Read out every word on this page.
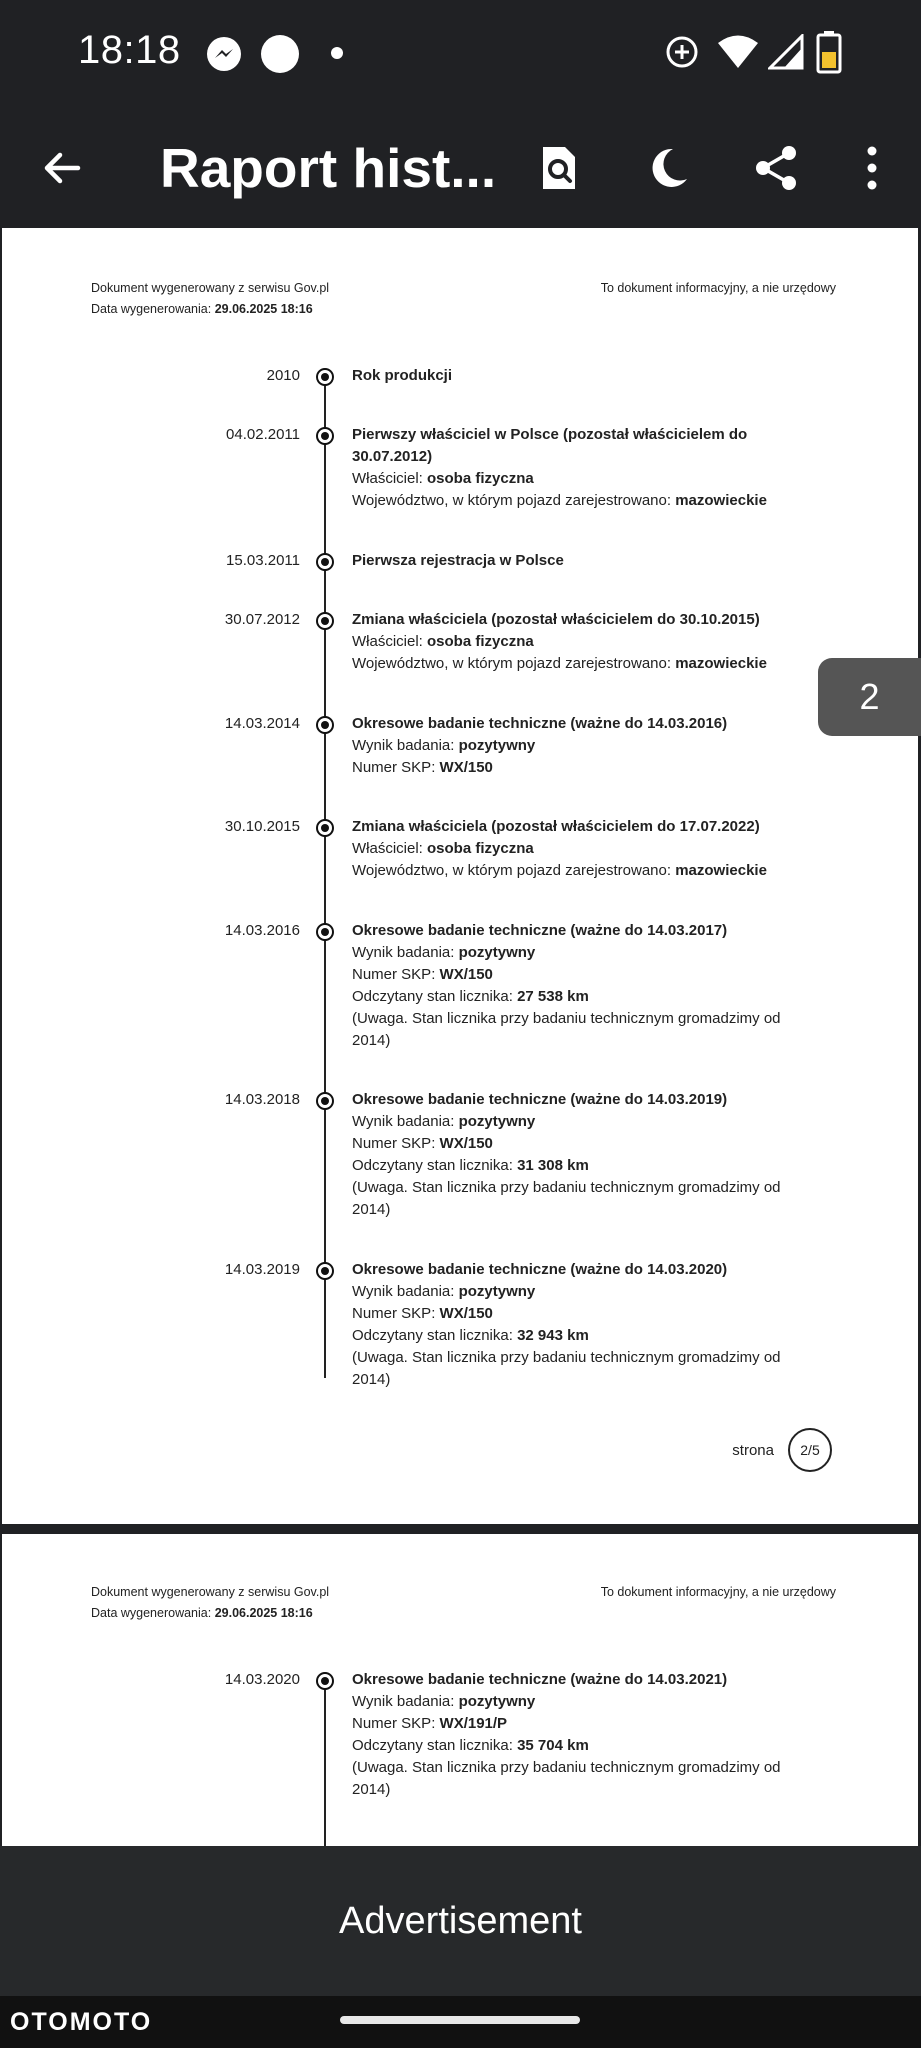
18:18
Raport hist...
Dokument wygenerowany z serwisu Gov.pl
Data wygenerowania: 29.06.2025 18:16
To dokument informacyjny, a nie urzędowy
2010	Rok produkcji
04.02.2011	Pierwszy właściciel w Polsce (pozostał właścicielem do 30.07.2012)
Właściciel: osoba fizyczna
Województwo, w którym pojazd zarejestrowano: mazowieckie
15.03.2011	Pierwsza rejestracja w Polsce
30.07.2012	Zmiana właściciela (pozostał właścicielem do 30.10.2015)
Właściciel: osoba fizyczna
Województwo, w którym pojazd zarejestrowano: mazowieckie
14.03.2014	Okresowe badanie techniczne (ważne do 14.03.2016)
Wynik badania: pozytywny
Numer SKP: WX/150
30.10.2015	Zmiana właściciela (pozostał właścicielem do 17.07.2022)
Właściciel: osoba fizyczna
Województwo, w którym pojazd zarejestrowano: mazowieckie
14.03.2016	Okresowe badanie techniczne (ważne do 14.03.2017)
Wynik badania: pozytywny
Numer SKP: WX/150
Odczytany stan licznika: 27 538 km
(Uwaga. Stan licznika przy badaniu technicznym gromadzimy od 2014)
14.03.2018	Okresowe badanie techniczne (ważne do 14.03.2019)
Wynik badania: pozytywny
Numer SKP: WX/150
Odczytany stan licznika: 31 308 km
(Uwaga. Stan licznika przy badaniu technicznym gromadzimy od 2014)
14.03.2019	Okresowe badanie techniczne (ważne do 14.03.2020)
Wynik badania: pozytywny
Numer SKP: WX/150
Odczytany stan licznika: 32 943 km
(Uwaga. Stan licznika przy badaniu technicznym gromadzimy od 2014)
strona	2/5
2
Dokument wygenerowany z serwisu Gov.pl
Data wygenerowania: 29.06.2025 18:16
To dokument informacyjny, a nie urzędowy
14.03.2020	Okresowe badanie techniczne (ważne do 14.03.2021)
Wynik badania: pozytywny
Numer SKP: WX/191/P
Odczytany stan licznika: 35 704 km
(Uwaga. Stan licznika przy badaniu technicznym gromadzimy od 2014)
Advertisement
OTOMOTO
